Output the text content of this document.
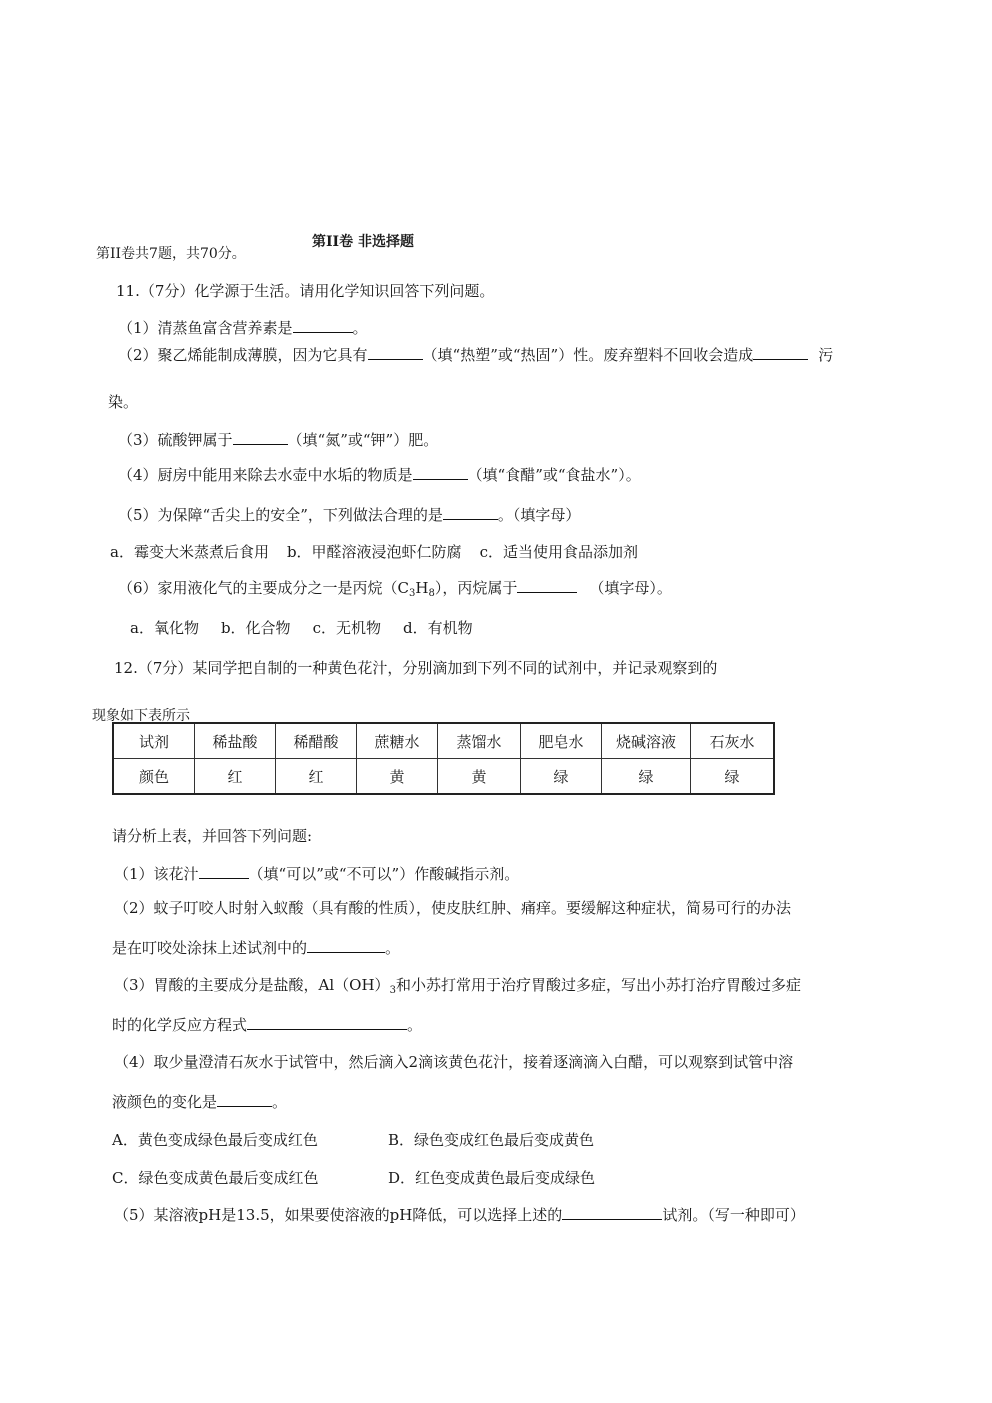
第II卷 非选择题
第II卷共7题，共70分。
11.（7分）化学源于生活。请用化学知识回答下列问题。
（1）清蒸鱼富含营养素是	。
（2）聚乙烯能制成薄膜，因为它具有	（填“热塑”或“热固”）性。废弃塑料不回收会造成	污
染。
（3）硫酸钾属于	（填“氮”或“钾”）肥。
（4）厨房中能用来除去水壶中水垢的物质是	（填“食醋”或“食盐水”）。
（5）为保障“舌尖上的安全”，下列做法合理的是	。（填字母）
a．霉变大米蒸煮后食用 b．甲醛溶液浸泡虾仁防腐 c．适当使用食品添加剂
（6）家用液化气的主要成分之一是丙烷$(C_3H_8)$，丙烷属于	（填字母）。
a．氧化物 b．化合物 c．无机物 d．有机物
12.（7分）某同学把自制的一种黄色花汁，分别滴加到下列不同的试剂中，并记录观察到的
现象如下表所示
试剂	稀盐酸	稀醋酸	蔗糖水	蒸馏水	肥皂水	烧碱溶液	石灰水
颜色	红	红	黄	黄	绿	绿	绿
请分析上表，并回答下列问题:
（1）该花汁	（填“可以”或“不可以”）作酸碱指示剂。
（2）蚊子叮咬人时射入蚁酸（具有酸的性质），使皮肤红肿、痛痒。要缓解这种症状，简易可行的办法
是在叮咬处涂抹上述试剂中的	。
（3）胃酸的主要成分是盐酸，$Al(OH)_3$和小苏打常用于治疗胃酸过多症，写出小苏打治疗胃酸过多症
时的化学反应方程式	。
（4）取少量澄清石灰水于试管中，然后滴入2滴该黄色花汁，接着逐滴滴入白醋，可以观察到试管中溶
液颜色的变化是	。
A．黄色变成绿色最后变成红色	B．绿色变成红色最后变成黄色
C．绿色变成黄色最后变成红色	D．红色变成黄色最后变成绿色
（5）某溶液pH是13.5，如果要使溶液的pH降低，可以选择上述的	试剂。（写一种即可）
